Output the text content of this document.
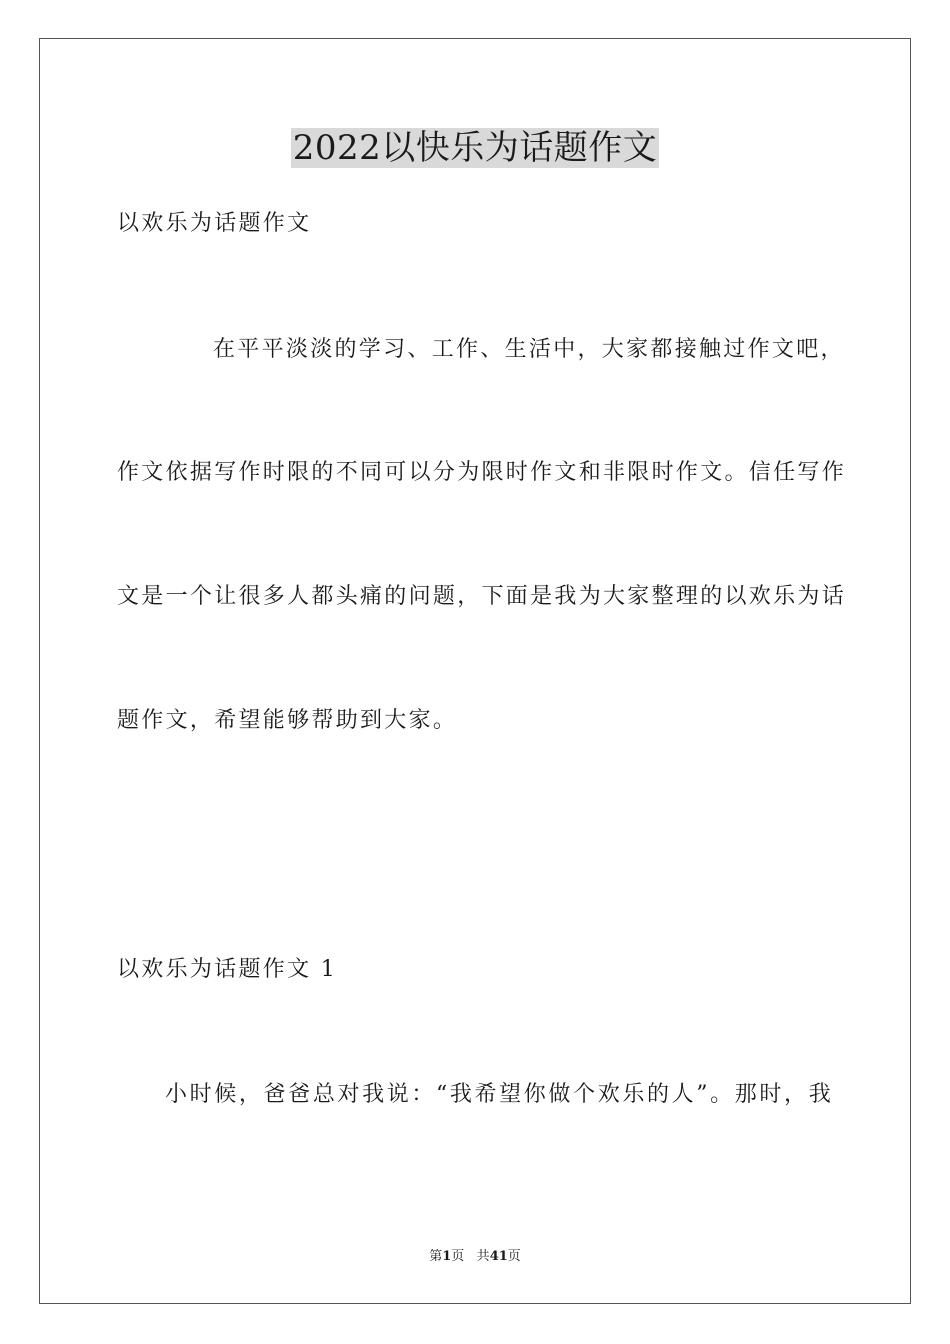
2022以快乐为话题作文

以欢乐为话题作文

在平平淡淡的学习、工作、生活中，大家都接触过作文吧，

作文依据写作时限的不同可以分为限时作文和非限时作文。信任写作

文是一个让很多人都头痛的问题，下面是我为大家整理的以欢乐为话

题作文，希望能够帮助到大家。

以欢乐为话题作文 1

小时候，爸爸总对我说：“我希望你做个欢乐的人”。那时，我

第1页 共41页
